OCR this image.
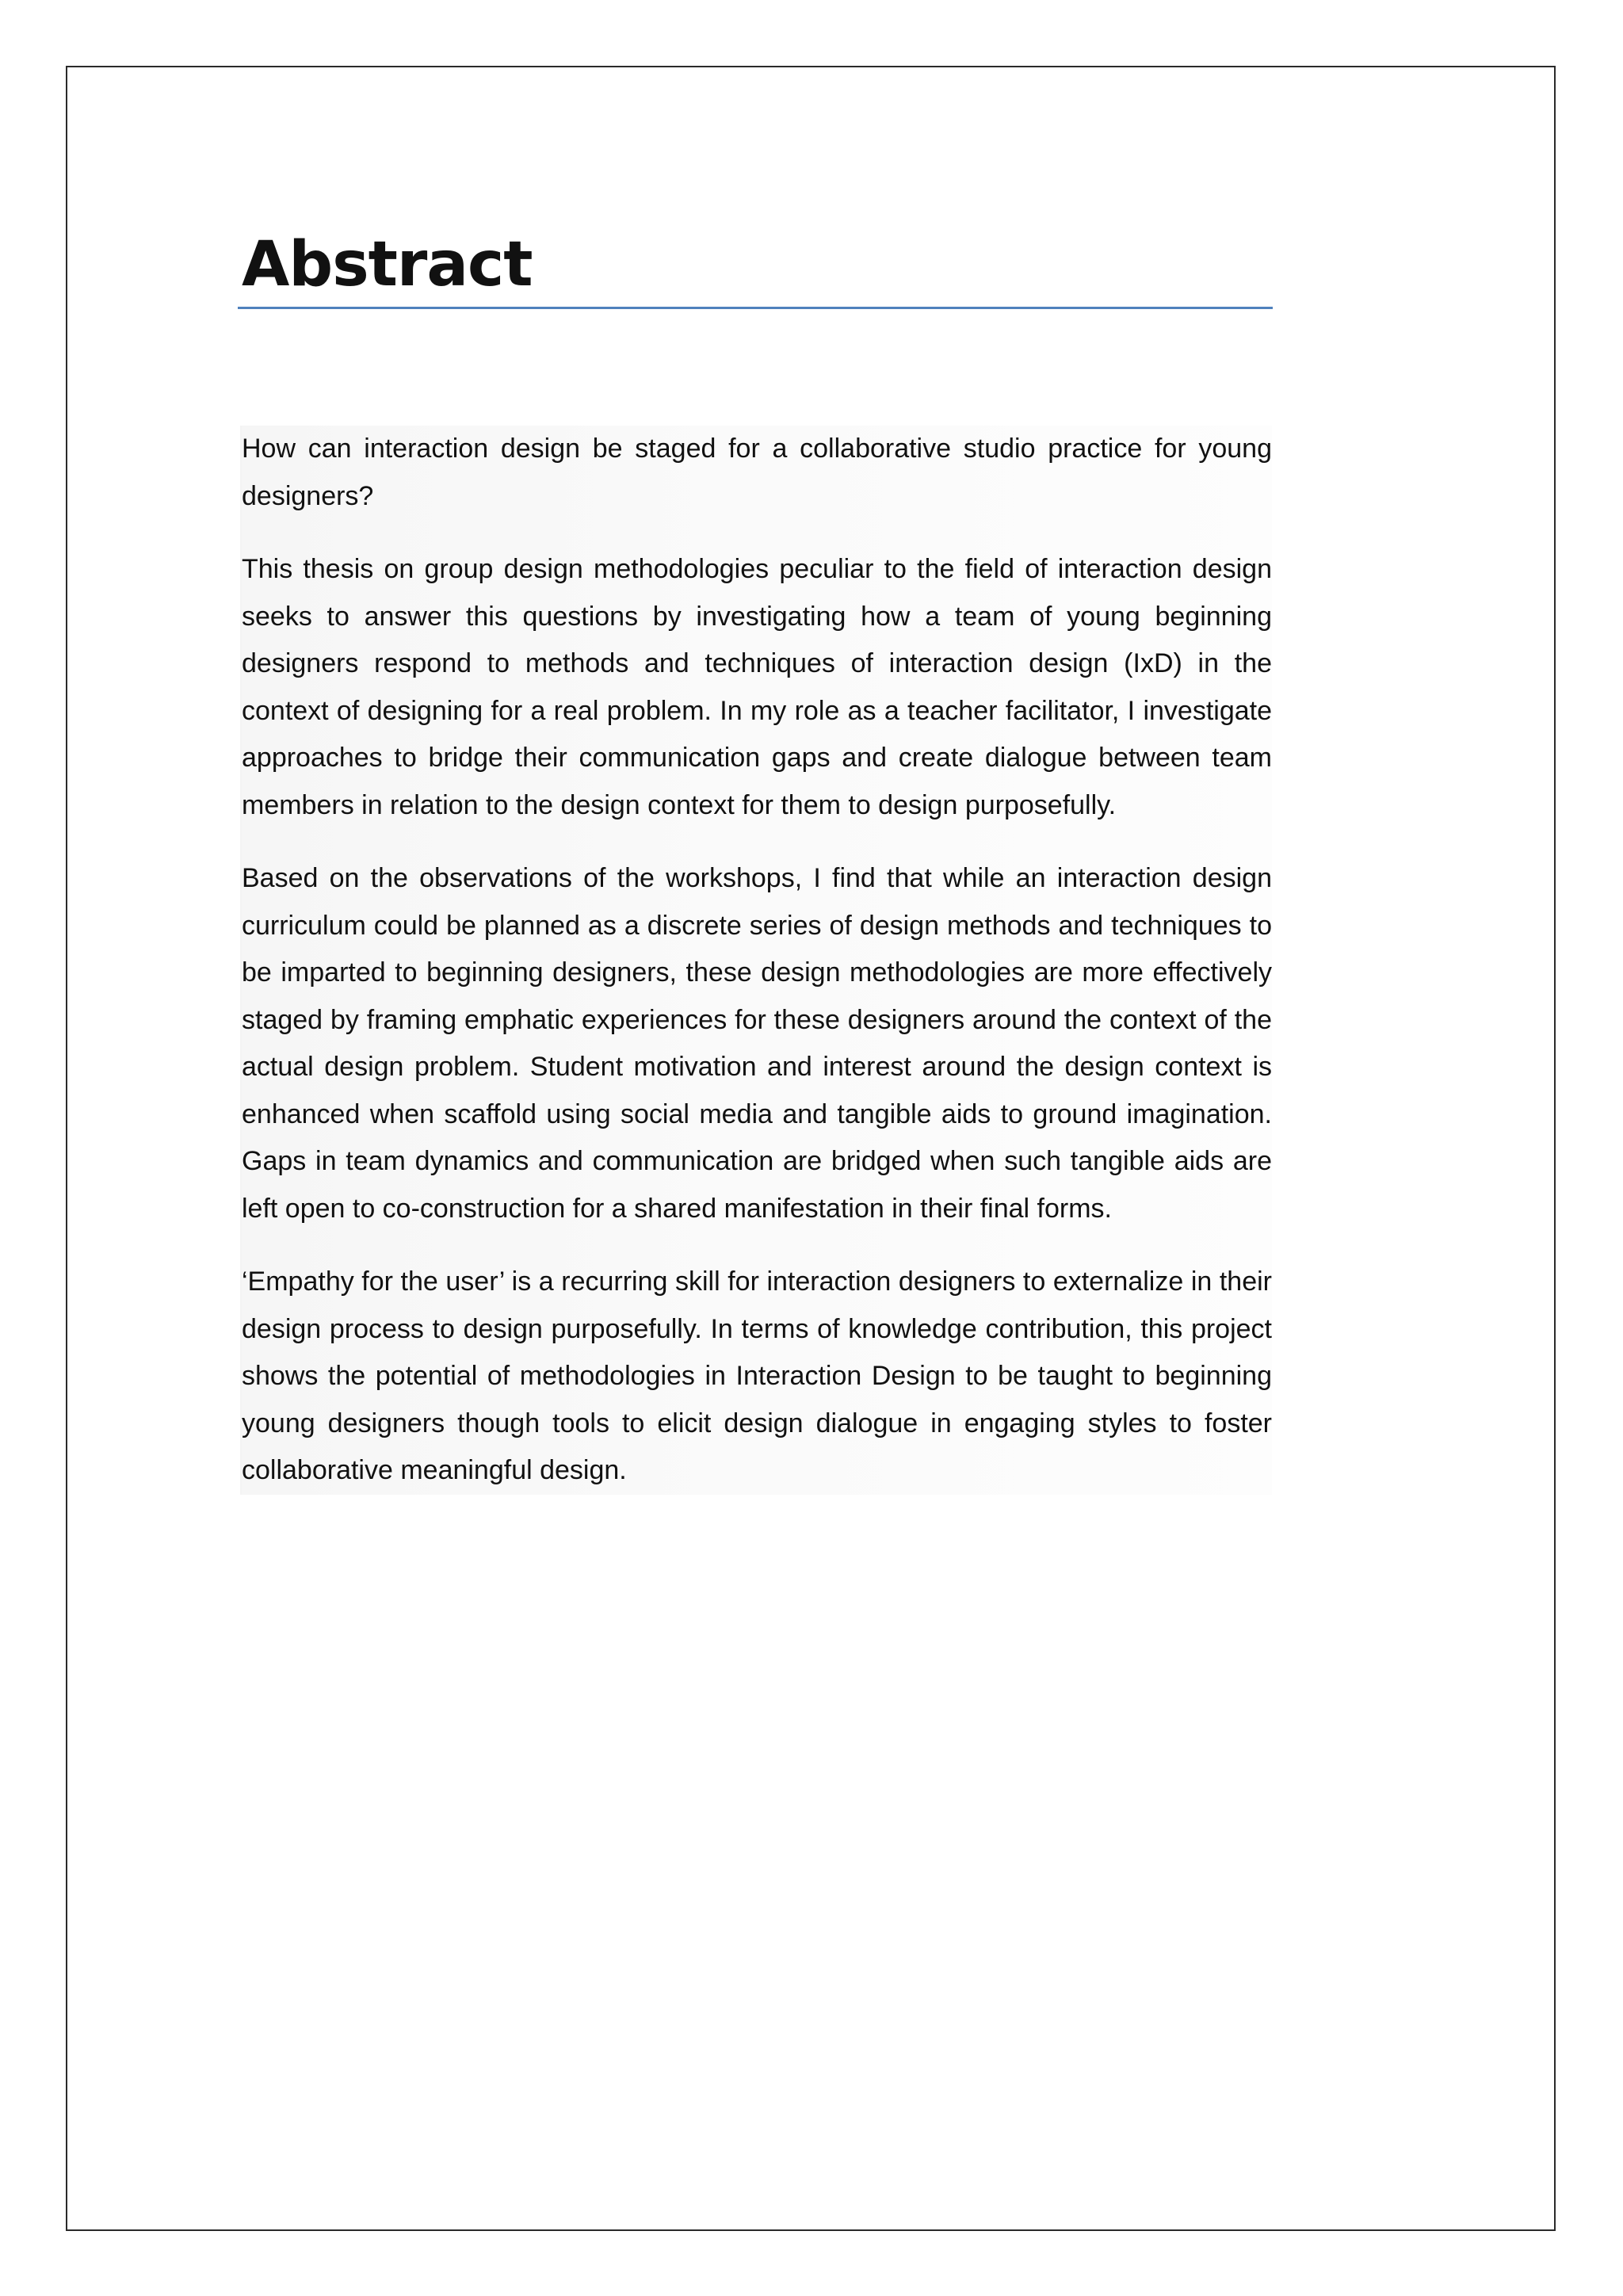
Abstract

How can interaction design be staged for a collaborative studio practice for young designers?

This thesis on group design methodologies peculiar to the field of interaction design seeks to answer this questions by investigating how a team of young beginning designers respond to methods and techniques of interaction design (IxD) in the context of designing for a real problem. In my role as a teacher facilitator, I investigate approaches to bridge their communication gaps and create dialogue between team members in relation to the design context for them to design purposefully.

Based on the observations of the workshops, I find that while an interaction design curriculum could be planned as a discrete series of design methods and techniques to be imparted to beginning designers, these design methodologies are more effectively staged by framing emphatic experiences for these designers around the context of the actual design problem. Student motivation and interest around the design context is enhanced when scaffold using social media and tangible aids to ground imagination. Gaps in team dynamics and communication are bridged when such tangible aids are left open to co-construction for a shared manifestation in their final forms.

‘Empathy for the user’ is a recurring skill for interaction designers to externalize in their design process to design purposefully. In terms of knowledge contribution, this project shows the potential of methodologies in Interaction Design to be taught to beginning young designers though tools to elicit design dialogue in engaging styles to foster collaborative meaningful design.
